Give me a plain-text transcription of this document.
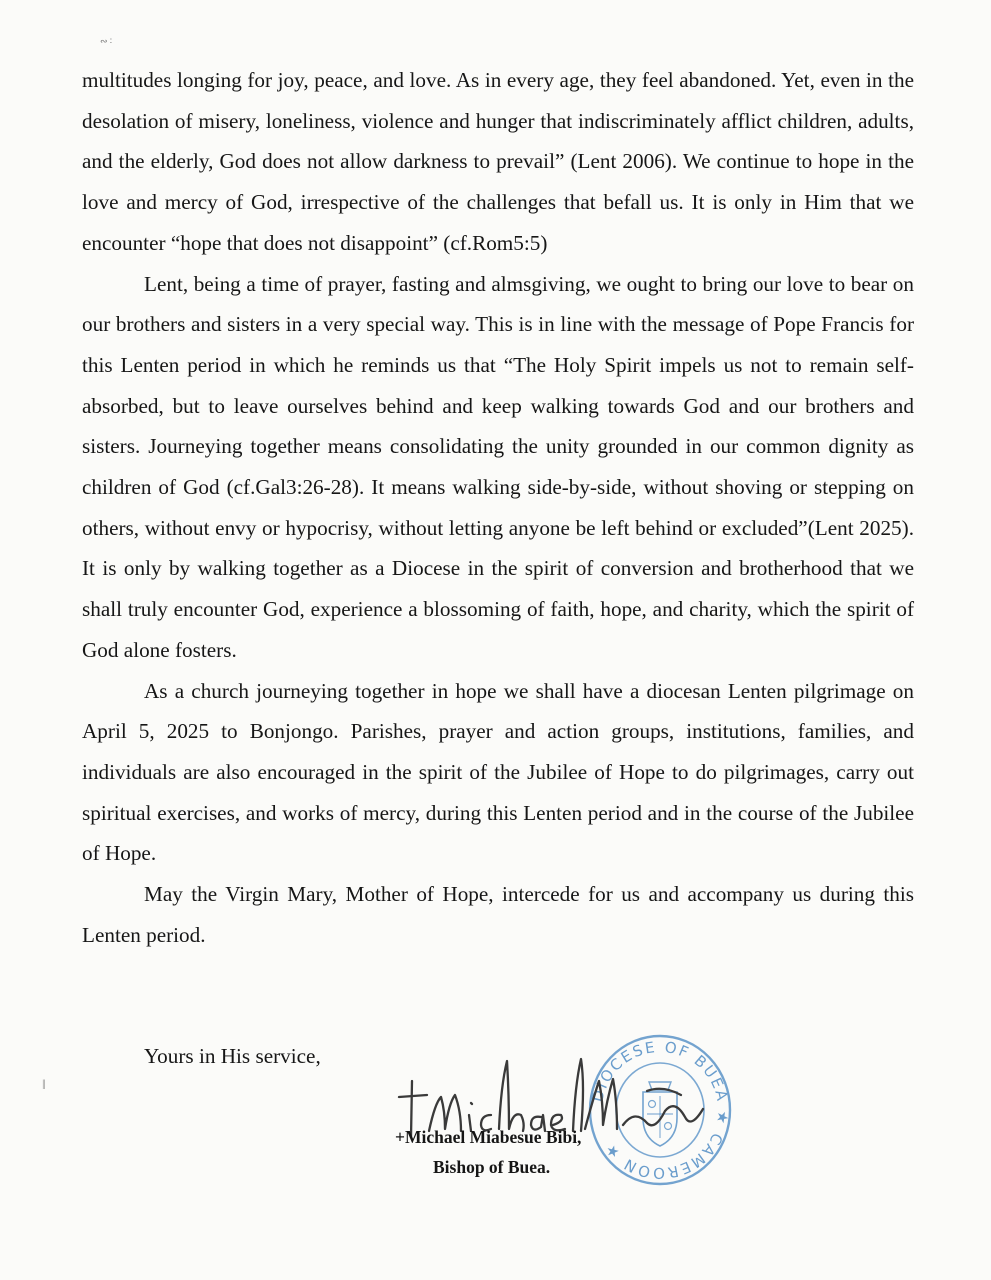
∾ ∶
‖

multitudes longing for joy, peace, and love. As in every age, they feel abandoned. Yet, even in the desolation of misery, loneliness, violence and hunger that indiscriminately afflict children, adults, and the elderly, God does not allow darkness to prevail” (Lent 2006). We continue to hope in the love and mercy of God, irrespective of the challenges that befall us. It is only in Him that we encounter “hope that does not disappoint” (cf.Rom5:5)

Lent, being a time of prayer, fasting and almsgiving, we ought to bring our love to bear on our brothers and sisters in a very special way. This is in line with the message of Pope Francis for this Lenten period in which he reminds us that “The Holy Spirit impels us not to remain self-absorbed, but to leave ourselves behind and keep walking towards God and our brothers and sisters. Journeying together means consolidating the unity grounded in our common dignity as children of God (cf.Gal3:26-28). It means walking side-by-side, without shoving or stepping on others, without envy or hypocrisy, without letting anyone be left behind or excluded”(Lent 2025). It is only by walking together as a Diocese in the spirit of conversion and brotherhood that we shall truly encounter God, experience a blossoming of faith, hope, and charity, which the spirit of God alone fosters.

As a church journeying together in hope we shall have a diocesan Lenten pilgrimage on April 5, 2025 to Bonjongo. Parishes, prayer and action groups, institutions, families, and individuals are also encouraged in the spirit of the Jubilee of Hope to do pilgrimages, carry out spiritual exercises, and works of mercy, during this Lenten period and in the course of the Jubilee of Hope.

May the Virgin Mary, Mother of Hope, intercede for us and accompany us during this Lenten period.

Yours in His service,

DIOCESE OF BUEA ★ CAMEROON ★
+Michael Miabesue Bibi,
Bishop of Buea.
